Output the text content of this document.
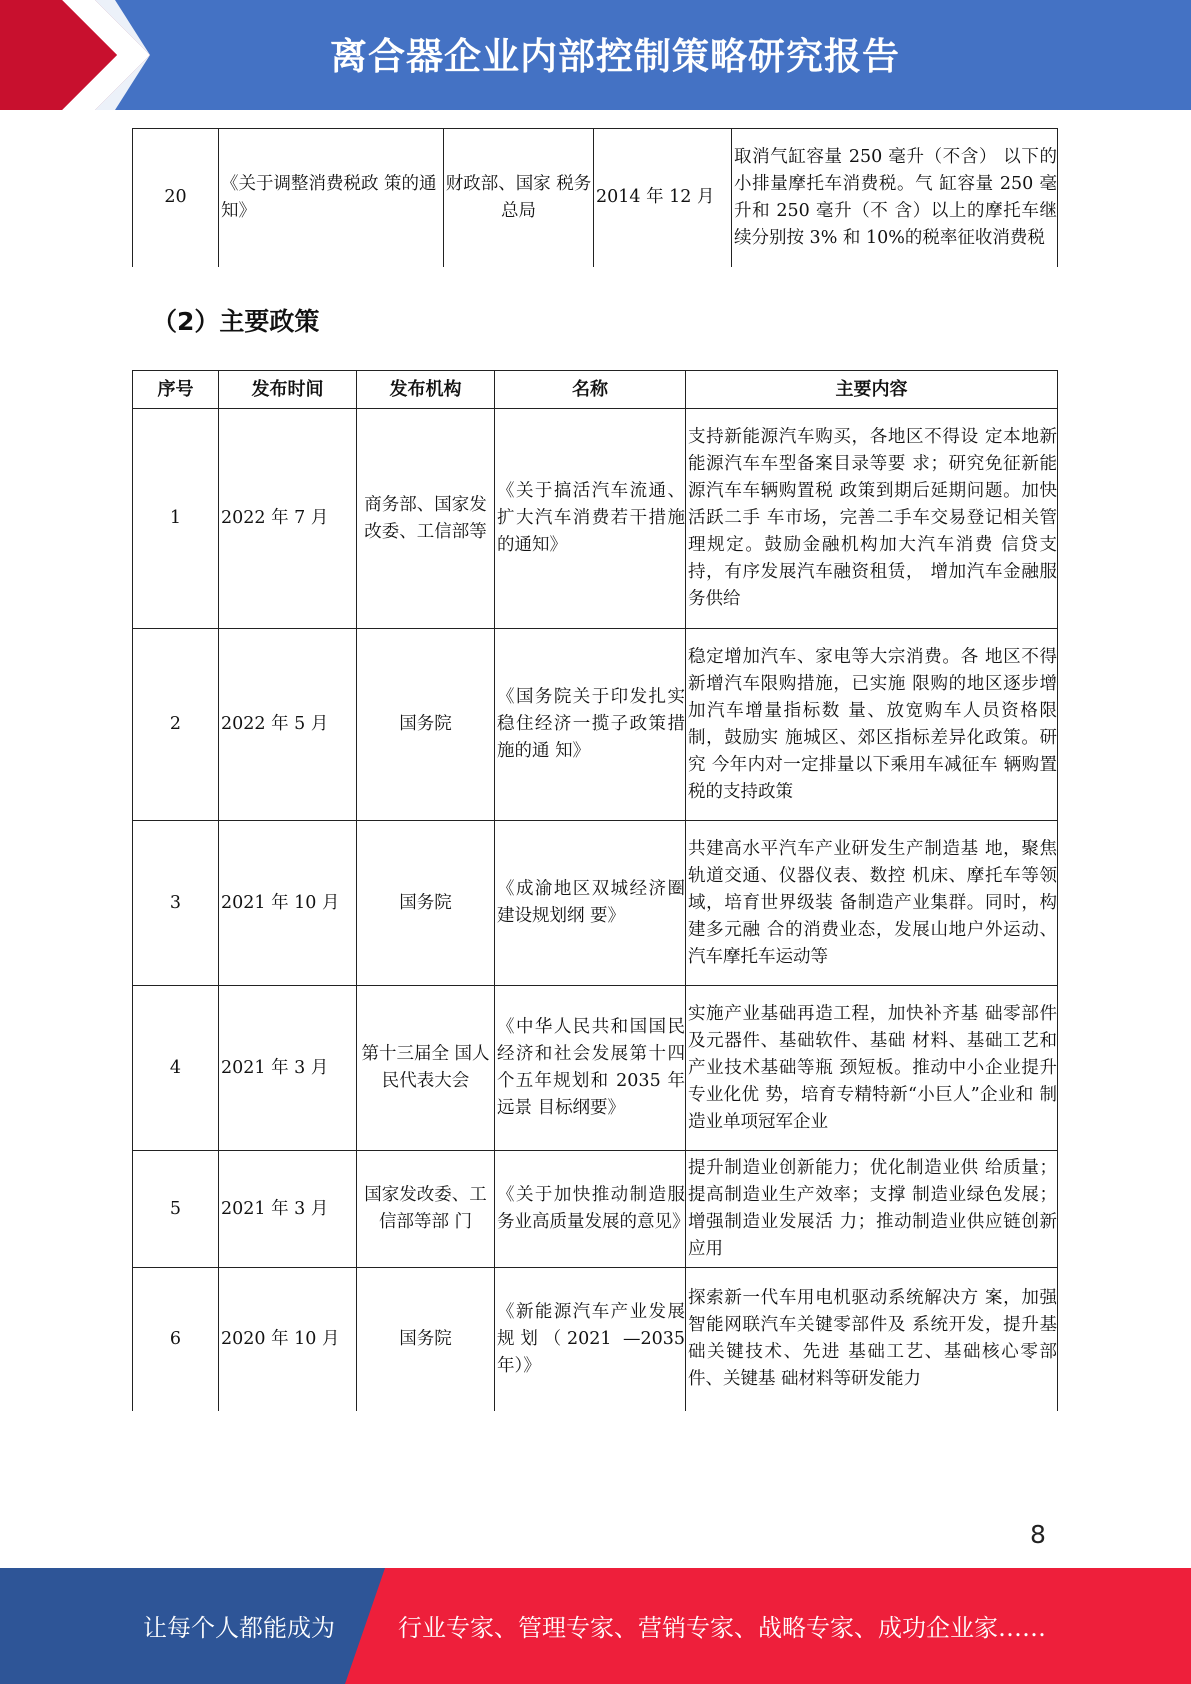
离合器企业内部控制策略研究报告
20	《关于调整消费税政 策的通知》	财政部、国家 税务总局	2014 年 12 月	取消气缸容量 250 毫升（不含） 以下的小排量摩托车消费税。气 缸容量 250 毫升和 250 毫升（不 含）以上的摩托车继续分别按 3% 和 10%的税率征收消费税
（2）主要政策
序号	发布时间	发布机构	名称	主要内容
1	2022 年 7 月	商务部、国家发改委、工信部等	《关于搞活汽车流通、扩大汽车消费若干措施的通知》	支持新能源汽车购买，各地区不得设 定本地新能源汽车车型备案目录等要 求；研究免征新能源汽车车辆购置税 政策到期后延期问题。加快活跃二手 车市场，完善二手车交易登记相关管 理规定。鼓励金融机构加大汽车消费 信贷支持，有序发展汽车融资租赁， 增加汽车金融服务供给
2	2022 年 5 月	国务院	《国务院关于印发扎实稳住经济一揽子政策措施的通 知》	稳定增加汽车、家电等大宗消费。各 地区不得新增汽车限购措施，已实施 限购的地区逐步增加汽车增量指标数 量、放宽购车人员资格限制，鼓励实 施城区、郊区指标差异化政策。研究 今年内对一定排量以下乘用车减征车 辆购置税的支持政策
3	2021 年 10 月	国务院	《成渝地区双城经济圈建设规划纲 要》	共建高水平汽车产业研发生产制造基 地，聚焦轨道交通、仪器仪表、数控 机床、摩托车等领域，培育世界级装 备制造产业集群。同时，构建多元融 合的消费业态，发展山地户外运动、 汽车摩托车运动等
4	2021 年 3 月	第十三届全 国人民代表大会	《中华人民共和国国民经济和社会发展第十四个五年规划和 2035 年远景 目标纲要》	实施产业基础再造工程，加快补齐基 础零部件及元器件、基础软件、基础 材料、基础工艺和产业技术基础等瓶 颈短板。推动中小企业提升专业化优 势，培育专精特新“小巨人”企业和 制造业单项冠军企业
5	2021 年 3 月	国家发改委、工信部等部 门	《关于加快推动制造服务业高质量发展的意见》	提升制造业创新能力；优化制造业供 给质量；提高制造业生产效率；支撑 制造业绿色发展；增强制造业发展活 力；推动制造业供应链创新应用
6	2020 年 10 月	国务院	《新能源汽车产业发展规划（2021 —2035 年）》	探索新一代车用电机驱动系统解决方 案，加强智能网联汽车关键零部件及 系统开发，提升基础关键技术、先进 基础工艺、基础核心零部件、关键基 础材料等研发能力
8
让每个人都能成为	行业专家、管理专家、营销专家、战略专家、成功企业家……
